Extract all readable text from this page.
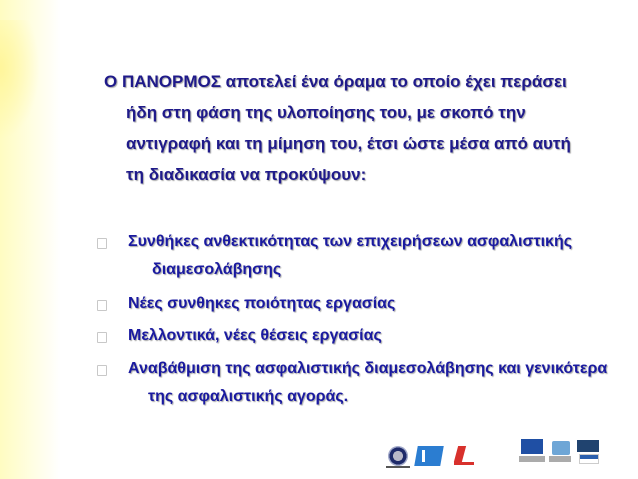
Ο ΠΑΝΟΡΜΟΣ αποτελεί ένα όραμα το οποίο έχει περάσει
ήδη στη φάση της υλοποίησης του, με σκοπό την
αντιγραφή και τη μίμηση του, έτσι ώστε μέσα από αυτή
τη διαδικασία να προκύψουν:
Συνθήκες ανθεκτικότητας των επιχειρήσεων ασφαλιστικής
διαμεσολάβησης
Νέες συνθηκες ποιότητας εργασίας
Μελλοντικά, νέες θέσεις εργασίας
Αναβάθμιση της ασφαλιστικής διαμεσολάβησης και γενικότερα
της ασφαλιστικής αγοράς.
